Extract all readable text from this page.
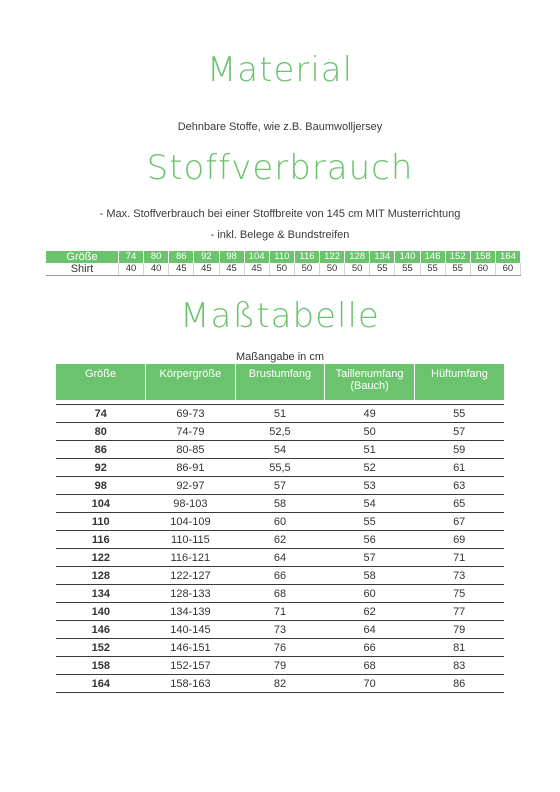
Material
Dehnbare Stoffe, wie z.B. Baumwolljersey
Stoffverbrauch
- Max. Stoffverbrauch bei einer Stoffbreite von 145 cm MIT Musterrichtung
- inkl. Belege & Bundstreifen
Größe	74	80	86	92	98	104	110	116	122	128	134	140	146	152	158	164
Shirt	40	40	45	45	45	45	50	50	50	50	55	55	55	55	60	60
Maßtabelle
Maßangabe in cm
Größe	Körpergröße	Brustumfang	Taillenumfang (Bauch)	Hüftumfang

74	69-73	51	49	55
80	74-79	52,5	50	57
86	80-85	54	51	59
92	86-91	55,5	52	61
98	92-97	57	53	63
104	98-103	58	54	65
110	104-109	60	55	67
116	110-115	62	56	69
122	116-121	64	57	71
128	122-127	66	58	73
134	128-133	68	60	75
140	134-139	71	62	77
146	140-145	73	64	79
152	146-151	76	66	81
158	152-157	79	68	83
164	158-163	82	70	86
